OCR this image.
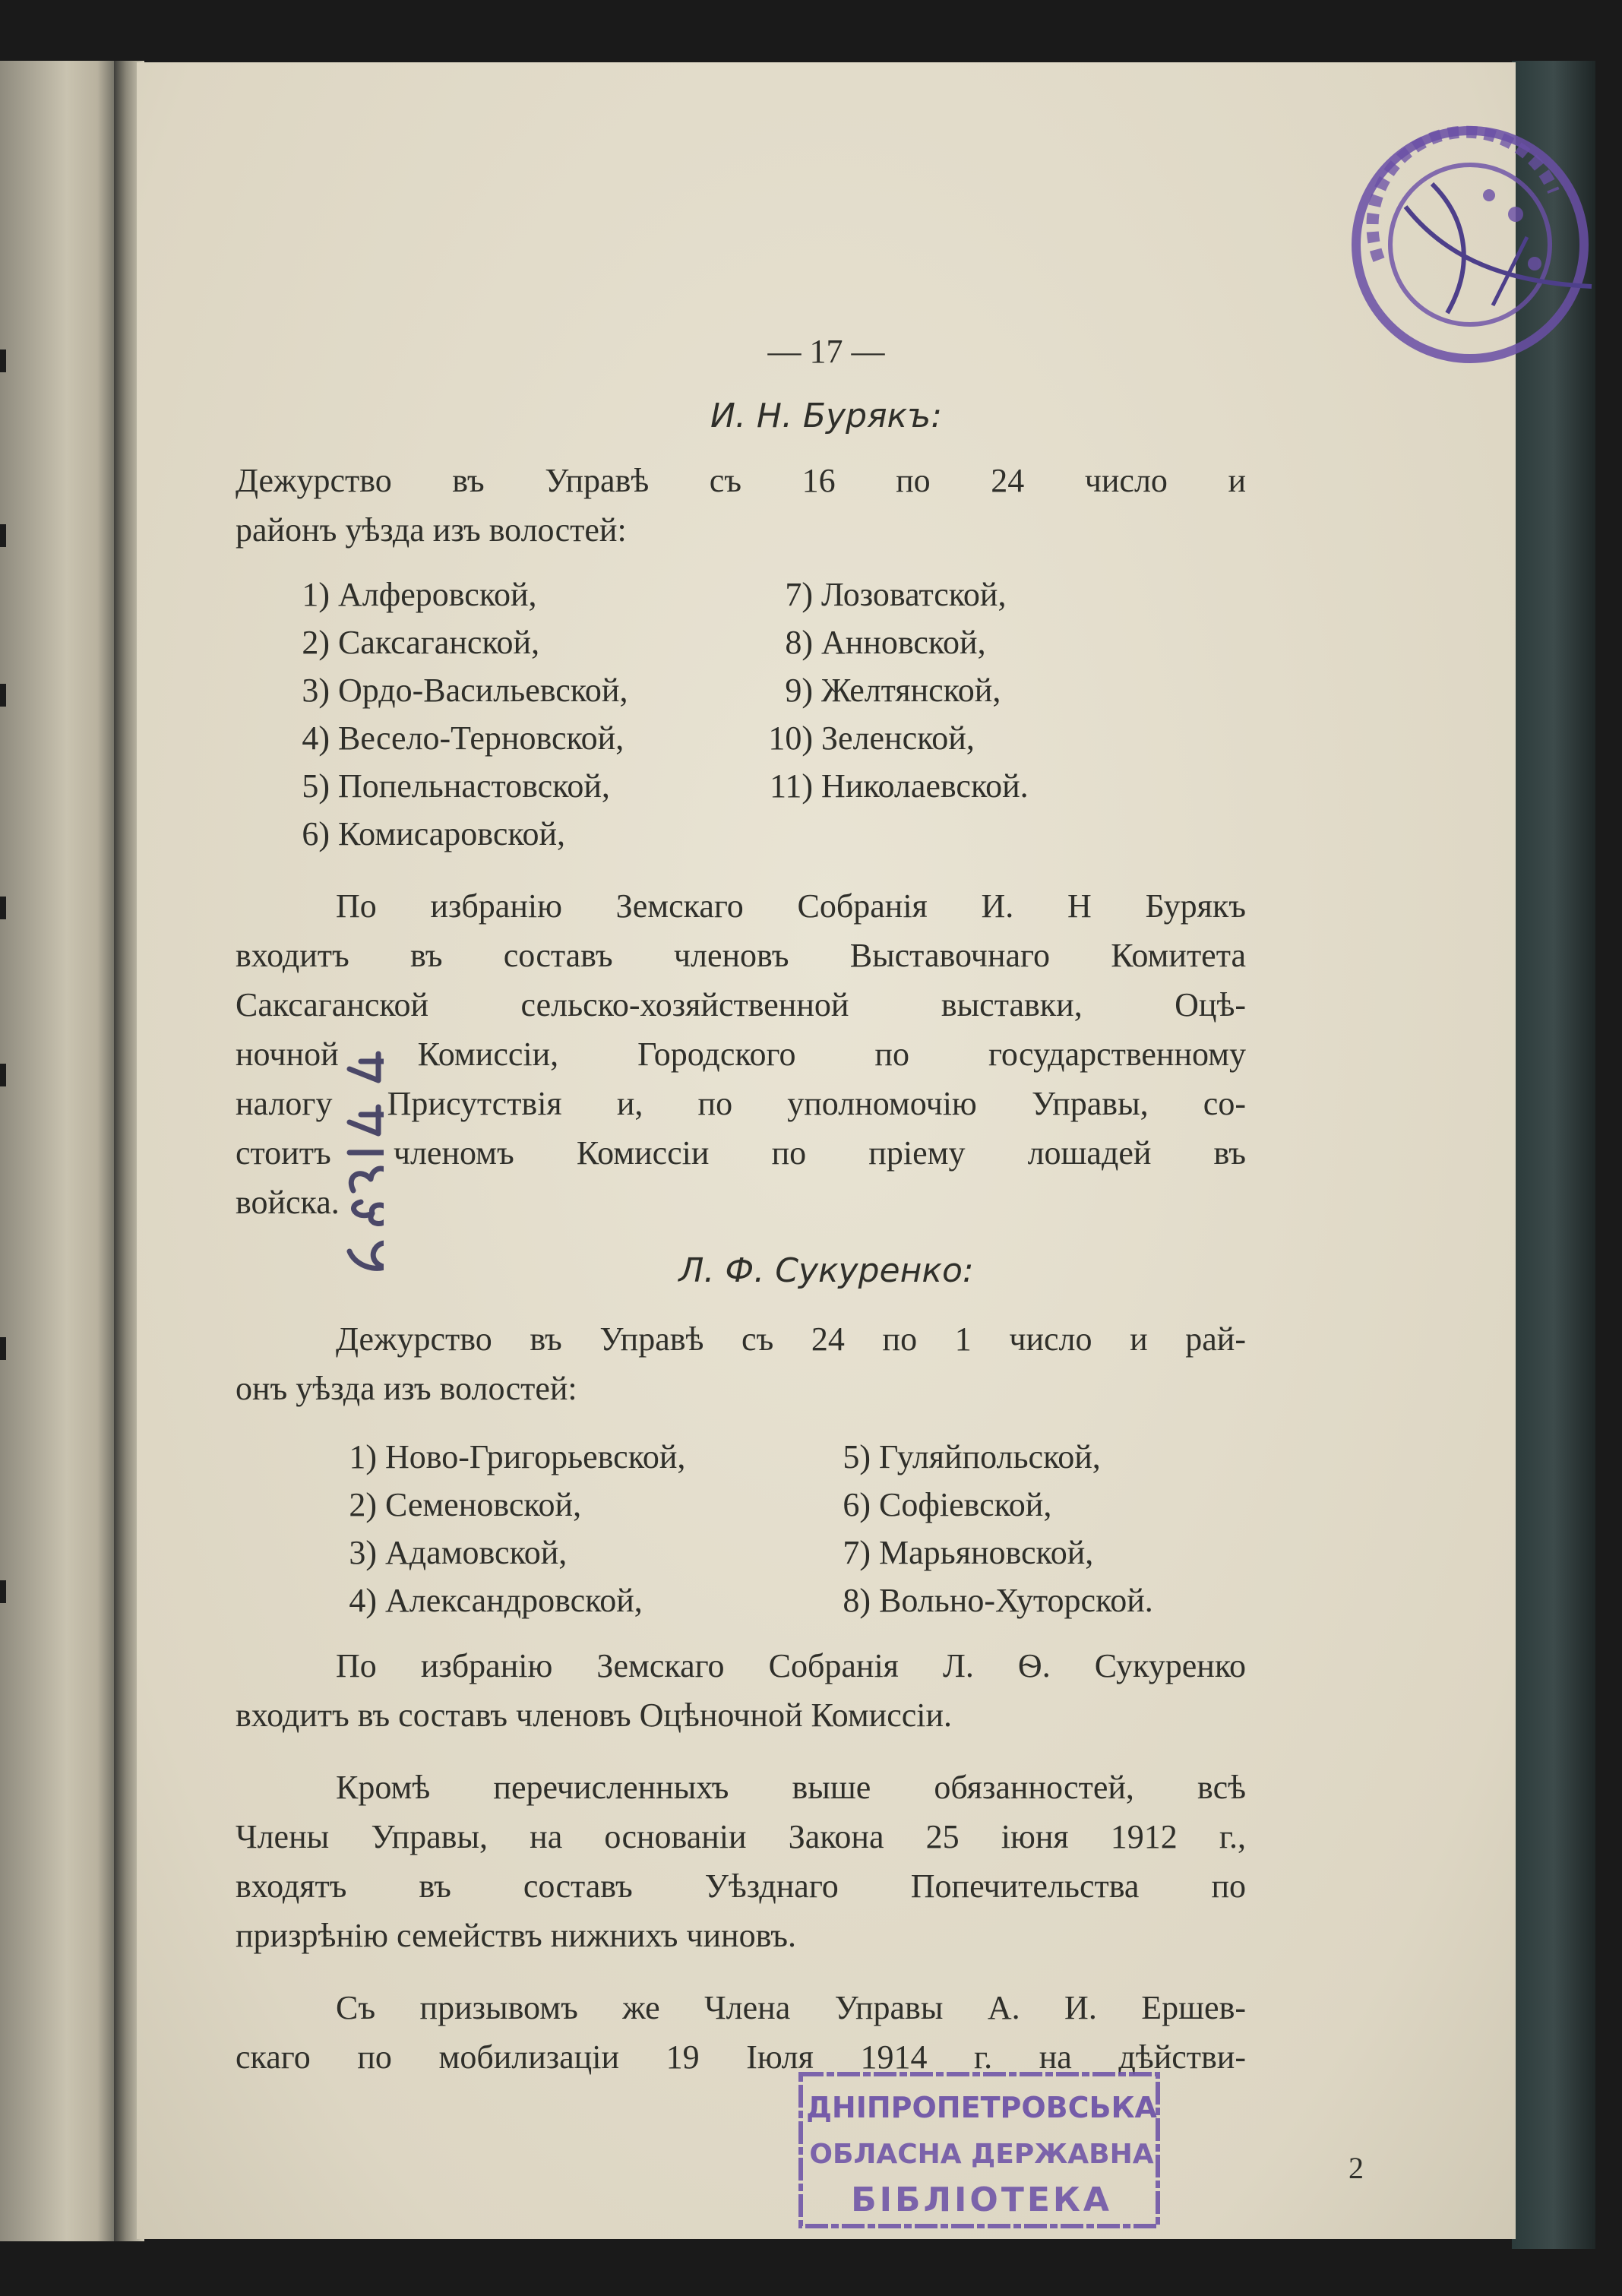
— 17 —
И. Н. Бурякъ:
Дежурство въ Управѣ съ 16 по 24 число и
районъ уѣзда изъ волостей:
1) Алферовской,
2) Саксаганской,
3) Ордо-Васильевской,
4) Весело-Терновской,
5) Попельнастовской,
6) Комисаровской,
7) Лозоватской,
8) Анновской,
9) Желтянской,
10) Зеленской,
11) Николаевской.
По избранію Земскаго Собранія И. Н Бурякъ
входитъ въ составъ членовъ Выставочнаго Комитета
Саксаганской сельско-хозяйственной выставки, Оцѣ-
ночной Комиссіи, Городского по государственному
налогу Присутствія и, по уполномочію Управы, со-
стоитъ членомъ Комиссіи по пріему лошадей въ
войска.
Л. Ф. Сукуренко:
Дежурство въ Управѣ съ 24 по 1 число и рай-
онъ уѣзда изъ волостей:
1) Ново-Григорьевской,
2) Семеновской,
3) Адамовской,
4) Александровской,
5) Гуляйпольской,
6) Софіевской,
7) Марьяновской,
8) Вольно-Хуторской.
По избранію Земскаго Собранія Л. Ѳ. Сукуренко
входитъ въ составъ членовъ Оцѣночной Комиссіи.
Кромѣ перечисленныхъ выше обязанностей, всѣ
Члены Управы, на основаніи Закона 25 іюня 1912 г.,
входятъ въ составъ Уѣзднаго Попечительства по
призрѣнію семействъ нижнихъ чиновъ.
Съ призывомъ же Члена Управы А. И. Ершев-
скаго по мобилизаціи 19 Іюля 1914 г. на дѣйстви-
2
ДНІПРОПЕТРОВСЬКА
ОБЛАСНА ДЕРЖАВНА
БІБЛІОТЕКА
